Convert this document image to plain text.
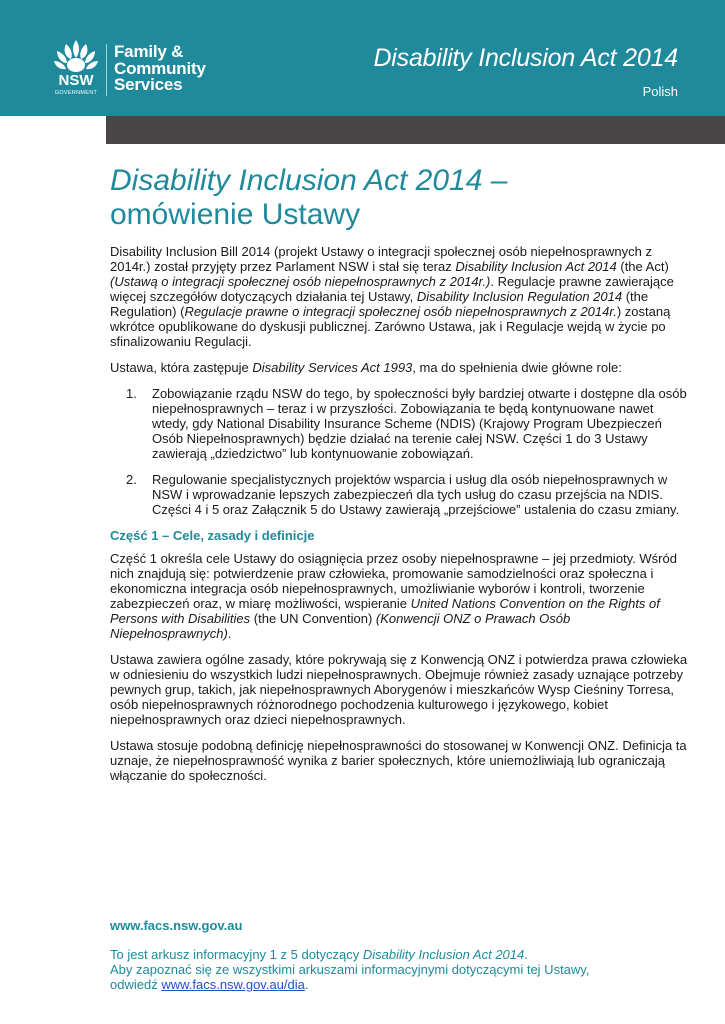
NSW
GOVERNMENT
Family &
Community
Services
Disability Inclusion Act 2014
Polish
Disability Inclusion Act 2014 –
omówienie Ustawy

Disability Inclusion Bill 2014 (projekt Ustawy o integracji społecznej osób niepełnosprawnych z 2014r.) został przyjęty przez Parlament NSW i stał się teraz Disability Inclusion Act 2014 (the Act) (Ustawą o integracji społecznej osób niepełnosprawnych z 2014r.). Regulacje prawne zawierające więcej szczegółów dotyczących działania tej Ustawy, Disability Inclusion Regulation 2014 (the Regulation) (Regulacje prawne o integracji społecznej osób niepełnosprawnych z 2014r.) zostaną wkrótce opublikowane do dyskusji publicznej. Zarówno Ustawa, jak i Regulacje wejdą w życie po sfinalizowaniu Regulacji.

Ustawa, która zastępuje Disability Services Act 1993, ma do spełnienia dwie główne role:

1. Zobowiązanie rządu NSW do tego, by społeczności były bardziej otwarte i dostępne dla osób niepełnosprawnych – teraz i w przyszłości. Zobowiązania te będą kontynuowane nawet wtedy, gdy National Disability Insurance Scheme (NDIS) (Krajowy Program Ubezpieczeń Osób Niepełnosprawnych) będzie działać na terenie całej NSW. Części 1 do 3 Ustawy zawierają „dziedzictwo” lub kontynuowanie zobowiązań.
2. Regulowanie specjalistycznych projektów wsparcia i usług dla osób niepełnosprawnych w NSW i wprowadzanie lepszych zabezpieczeń dla tych usług do czasu przejścia na NDIS. Części 4 i 5 oraz Załącznik 5 do Ustawy zawierają „przejściowe” ustalenia do czasu zmiany.
Część 1 – Cele, zasady i definicje

Część 1 określa cele Ustawy do osiągnięcia przez osoby niepełnosprawne – jej przedmioty. Wśród nich znajdują się: potwierdzenie praw człowieka, promowanie samodzielności oraz społeczna i ekonomiczna integracja osób niepełnosprawnych, umożliwianie wyborów i kontroli, tworzenie zabezpieczeń oraz, w miarę możliwości, wspieranie United Nations Convention on the Rights of Persons with Disabilities (the UN Convention) (Konwencji ONZ o Prawach Osób Niepełnosprawnych).

Ustawa zawiera ogólne zasady, które pokrywają się z Konwencją ONZ i potwierdza prawa człowieka w odniesieniu do wszystkich ludzi niepełnosprawnych. Obejmuje również zasady uznające potrzeby pewnych grup, takich, jak niepełnosprawnych Aborygenów i mieszkańców Wysp Cieśniny Torresa, osób niepełnosprawnych różnorodnego pochodzenia kulturowego i językowego, kobiet niepełnosprawnych oraz dzieci niepełnosprawnych.

Ustawa stosuje podobną definicję niepełnosprawności do stosowanej w Konwencji ONZ. Definicja ta uznaje, że niepełnosprawność wynika z barier społecznych, które uniemożliwiają lub ograniczają włączanie do społeczności.

www.facs.nsw.gov.au
To jest arkusz informacyjny 1 z 5 dotyczący Disability Inclusion Act 2014.
Aby zapoznać się ze wszystkimi arkuszami informacyjnymi dotyczącymi tej Ustawy,
odwiedź www.facs.nsw.gov.au/dia.
